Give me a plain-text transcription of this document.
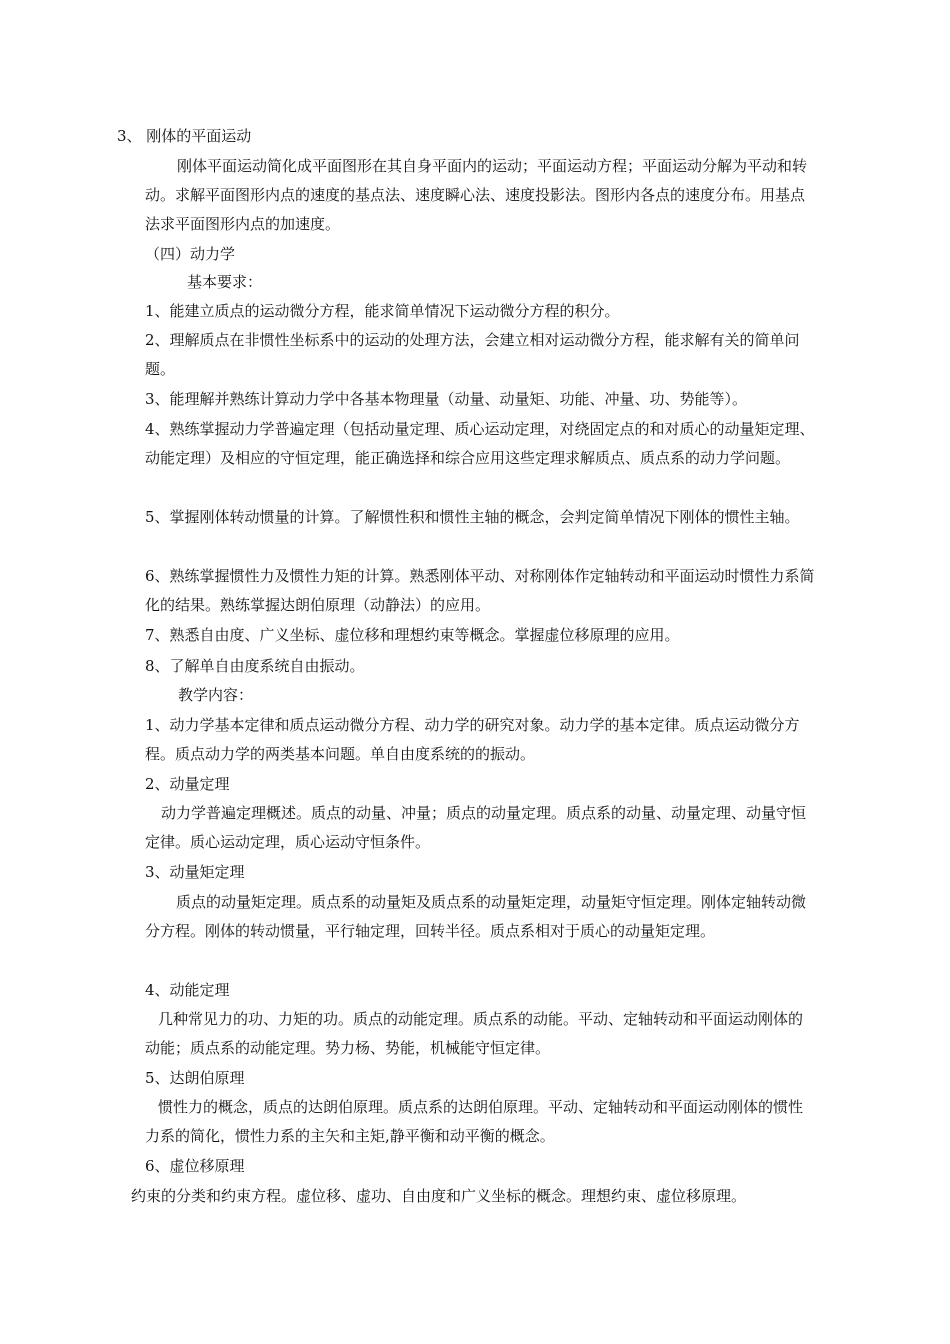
3、 刚体的平面运动

刚体平面运动简化成平面图形在其自身平面内的运动；平面运动方程；平面运动分解为平动和转动。求解平面图形内点的速度的基点法、速度瞬心法、速度投影法。图形内各点的速度分布。用基点法求平面图形内点的加速度。

（四）动力学

基本要求：

1、能建立质点的运动微分方程，能求简单情况下运动微分方程的积分。

2、理解质点在非惯性坐标系中的运动的处理方法，会建立相对运动微分方程，能求解有关的简单问题。

3、能理解并熟练计算动力学中各基本物理量（动量、动量矩、功能、冲量、功、势能等）。

4、熟练掌握动力学普遍定理（包括动量定理、质心运动定理，对绕固定点的和对质心的动量矩定理、动能定理）及相应的守恒定理，能正确选择和综合应用这些定理求解质点、质点系的动力学问题。

5、掌握刚体转动惯量的计算。了解惯性积和惯性主轴的概念，会判定简单情况下刚体的惯性主轴。

6、熟练掌握惯性力及惯性力矩的计算。熟悉刚体平动、对称刚体作定轴转动和平面运动时惯性力系简化的结果。熟练掌握达朗伯原理（动静法）的应用。

7、熟悉自由度、广义坐标、虚位移和理想约束等概念。掌握虚位移原理的应用。

8、了解单自由度系统自由振动。

教学内容：

1、动力学基本定律和质点运动微分方程、动力学的研究对象。动力学的基本定律。质点运动微分方程。质点动力学的两类基本问题。单自由度系统的的振动。

2、动量定理

动力学普遍定理概述。质点的动量、冲量；质点的动量定理。质点系的动量、动量定理、动量守恒定律。质心运动定理，质心运动守恒条件。

3、动量矩定理

质点的动量矩定理。质点系的动量矩及质点系的动量矩定理，动量矩守恒定理。刚体定轴转动微分方程。刚体的转动惯量，平行轴定理，回转半径。质点系相对于质心的动量矩定理。

4、动能定理

几种常见力的功、力矩的功。质点的动能定理。质点系的动能。平动、定轴转动和平面运动刚体的动能；质点系的动能定理。势力杨、势能，机械能守恒定律。

5、达朗伯原理

惯性力的概念，质点的达朗伯原理。质点系的达朗伯原理。平动、定轴转动和平面运动刚体的惯性力系的简化，惯性力系的主矢和主矩,静平衡和动平衡的概念。

6、虚位移原理

约束的分类和约束方程。虚位移、虚功、自由度和广义坐标的概念。理想约束、虚位移原理。
